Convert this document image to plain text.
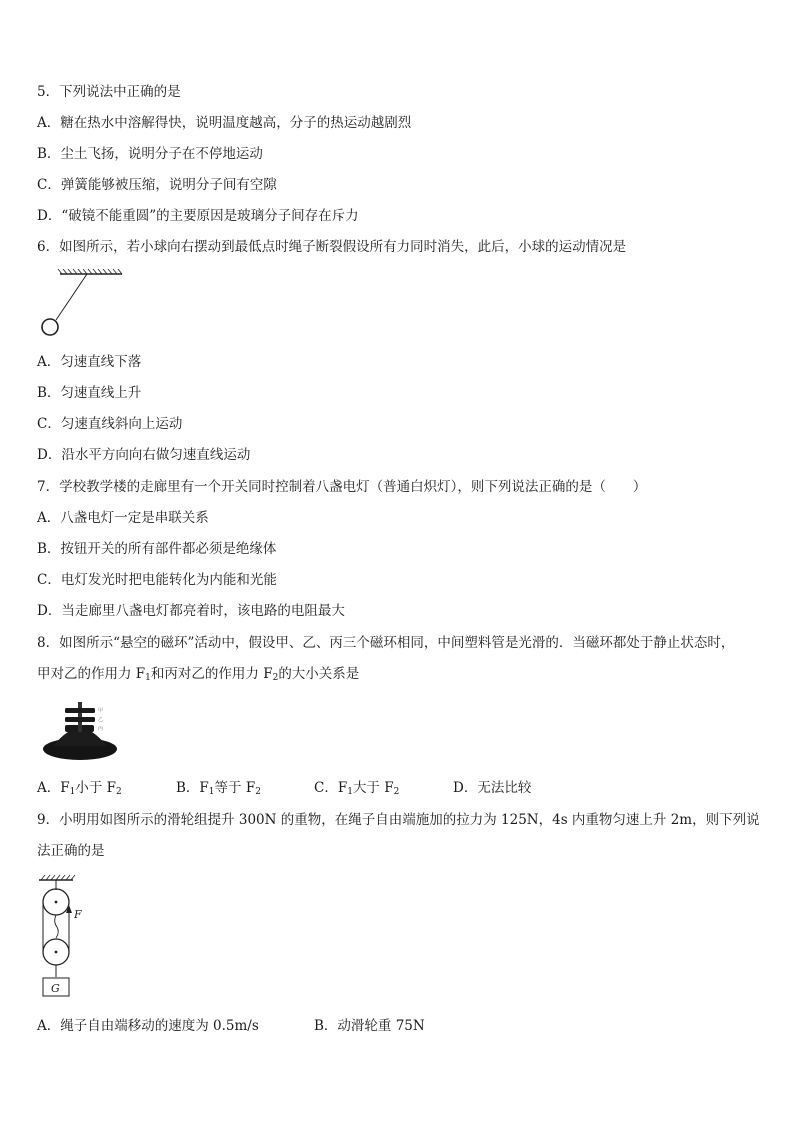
5．下列说法中正确的是
A．糖在热水中溶解得快，说明温度越高，分子的热运动越剧烈
B．尘土飞扬，说明分子在不停地运动
C．弹簧能够被压缩，说明分子间有空隙
D．“破镜不能重圆”的主要原因是玻璃分子间存在斥力
6．如图所示，若小球向右摆动到最低点时绳子断裂假设所有力同时消失，此后，小球的运动情况是
A．匀速直线下落
B．匀速直线上升
C．匀速直线斜向上运动
D．沿水平方向向右做匀速直线运动
7．学校教学楼的走廊里有一个开关同时控制着八盏电灯（普通白炽灯），则下列说法正确的是（　　）
A．八盏电灯一定是串联关系
B．按钮开关的所有部件都必须是绝缘体
C．电灯发光时把电能转化为内能和光能
D．当走廊里八盏电灯都亮着时，该电路的电阻最大
8．如图所示“悬空的磁环”活动中，假设甲、乙、丙三个磁环相同，中间塑料管是光滑的．当磁环都处于静止状态时，
甲对乙的作用力 $F_1$和丙对乙的作用力 $F_2$的大小关系是
甲
乙
丙
A．$F_1$小于 $F_2$	B．$F_1$等于 $F_2$	C．$F_1$大于 $F_2$	D．无法比较
9．小明用如图所示的滑轮组提升 300N 的重物，在绳子自由端施加的拉力为 125N，4s 内重物匀速上升 2m，则下列说
法正确的是
F
G
A．绳子自由端移动的速度为 0.5m/s	B．动滑轮重 75N
